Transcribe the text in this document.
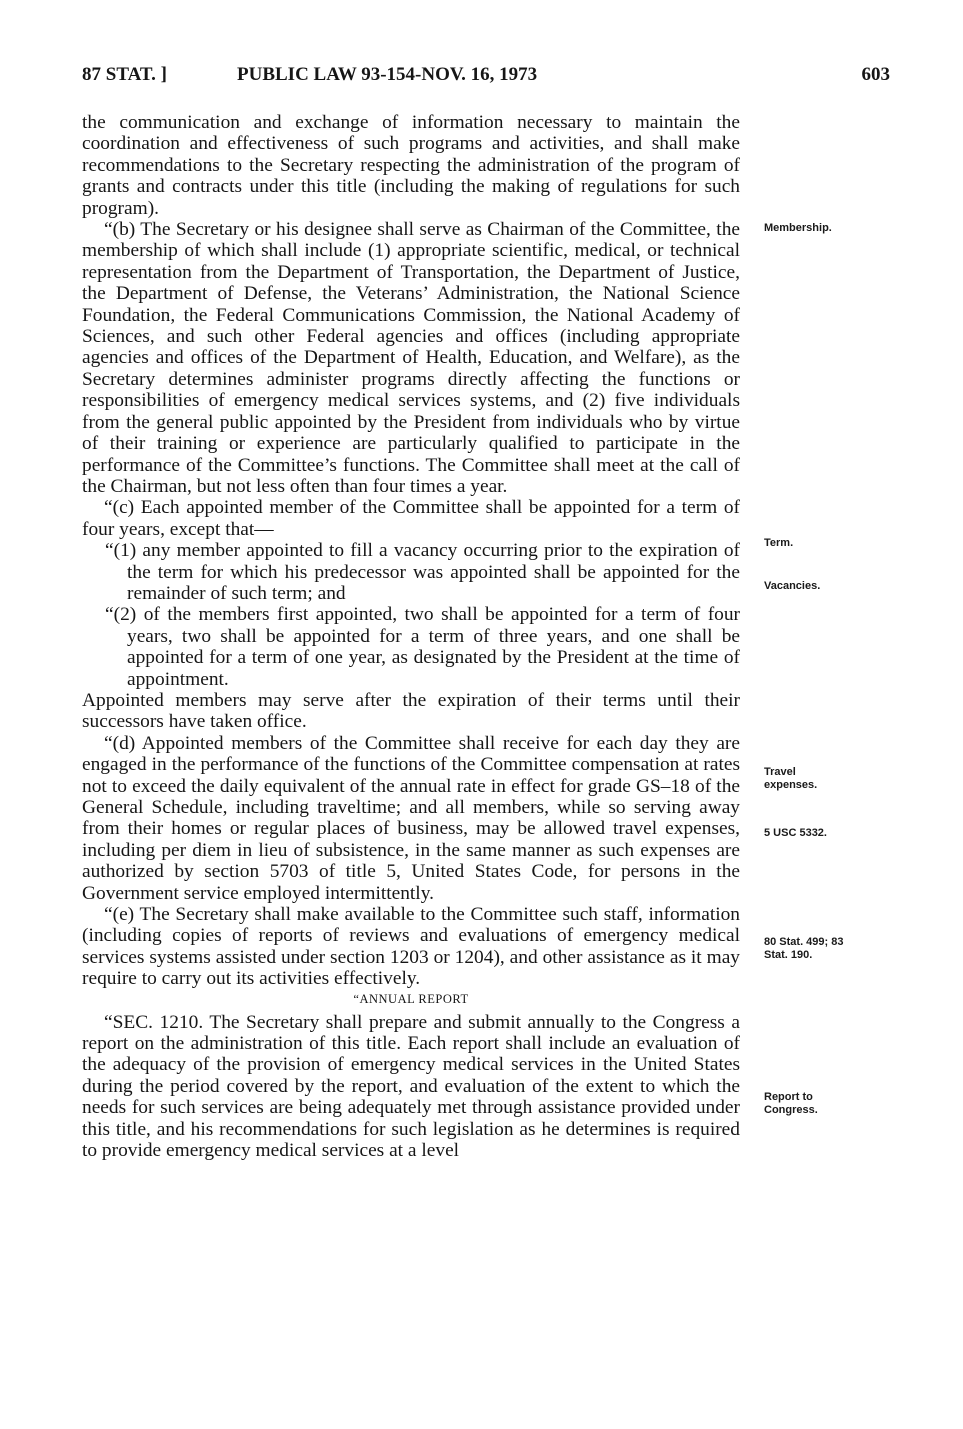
87 STAT. ]	PUBLIC LAW 93-154-NOV. 16, 1973	603

the communication and exchange of information necessary to maintain the coordination and effectiveness of such programs and activities, and shall make recommendations to the Secretary respecting the administration of the program of grants and contracts under this title (including the making of regulations for such program).

“(b) The Secretary or his designee shall serve as Chairman of the Committee, the membership of which shall include (1) appropriate scientific, medical, or technical representation from the Department of Transportation, the Department of Justice, the Department of Defense, the Veterans’ Administration, the National Science Foundation, the Federal Communications Commission, the National Academy of Sciences, and such other Federal agencies and offices (including appropriate agencies and offices of the Department of Health, Education, and Welfare), as the Secretary determines administer programs directly affecting the functions or responsibilities of emergency medical services systems, and (2) five individuals from the general public appointed by the President from individuals who by virtue of their training or experience are particularly qualified to participate in the performance of the Committee’s functions. The Committee shall meet at the call of the Chairman, but not less often than four times a year.

“(c) Each appointed member of the Committee shall be appointed for a term of four years, except that—

“(1) any member appointed to fill a vacancy occurring prior to the expiration of the term for which his predecessor was appointed shall be appointed for the remainder of such term; and

“(2) of the members first appointed, two shall be appointed for a term of four years, two shall be appointed for a term of three years, and one shall be appointed for a term of one year, as designated by the President at the time of appointment.

Appointed members may serve after the expiration of their terms until their successors have taken office.

“(d) Appointed members of the Committee shall receive for each day they are engaged in the performance of the functions of the Committee compensation at rates not to exceed the daily equivalent of the annual rate in effect for grade GS–18 of the General Schedule, including traveltime; and all members, while so serving away from their homes or regular places of business, may be allowed travel expenses, including per diem in lieu of subsistence, in the same manner as such expenses are authorized by section 5703 of title 5, United States Code, for persons in the Government service employed intermittently.

“(e) The Secretary shall make available to the Committee such staff, information (including copies of reports of reviews and evaluations of emergency medical services systems assisted under section 1203 or 1204), and other assistance as it may require to carry out its activities effectively.

“ANNUAL REPORT

“SEC. 1210. The Secretary shall prepare and submit annually to the Congress a report on the administration of this title. Each report shall include an evaluation of the adequacy of the provision of emergency medical services in the United States during the period covered by the report, and evaluation of the extent to which the needs for such services are being adequately met through assistance provided under this title, and his recommendations for such legislation as he determines is required to provide emergency medical services at a level

Membership.
Term.
Vacancies.
Travel expenses.
5 USC 5332.
80 Stat. 499; 83 Stat. 190.
Report to Congress.
